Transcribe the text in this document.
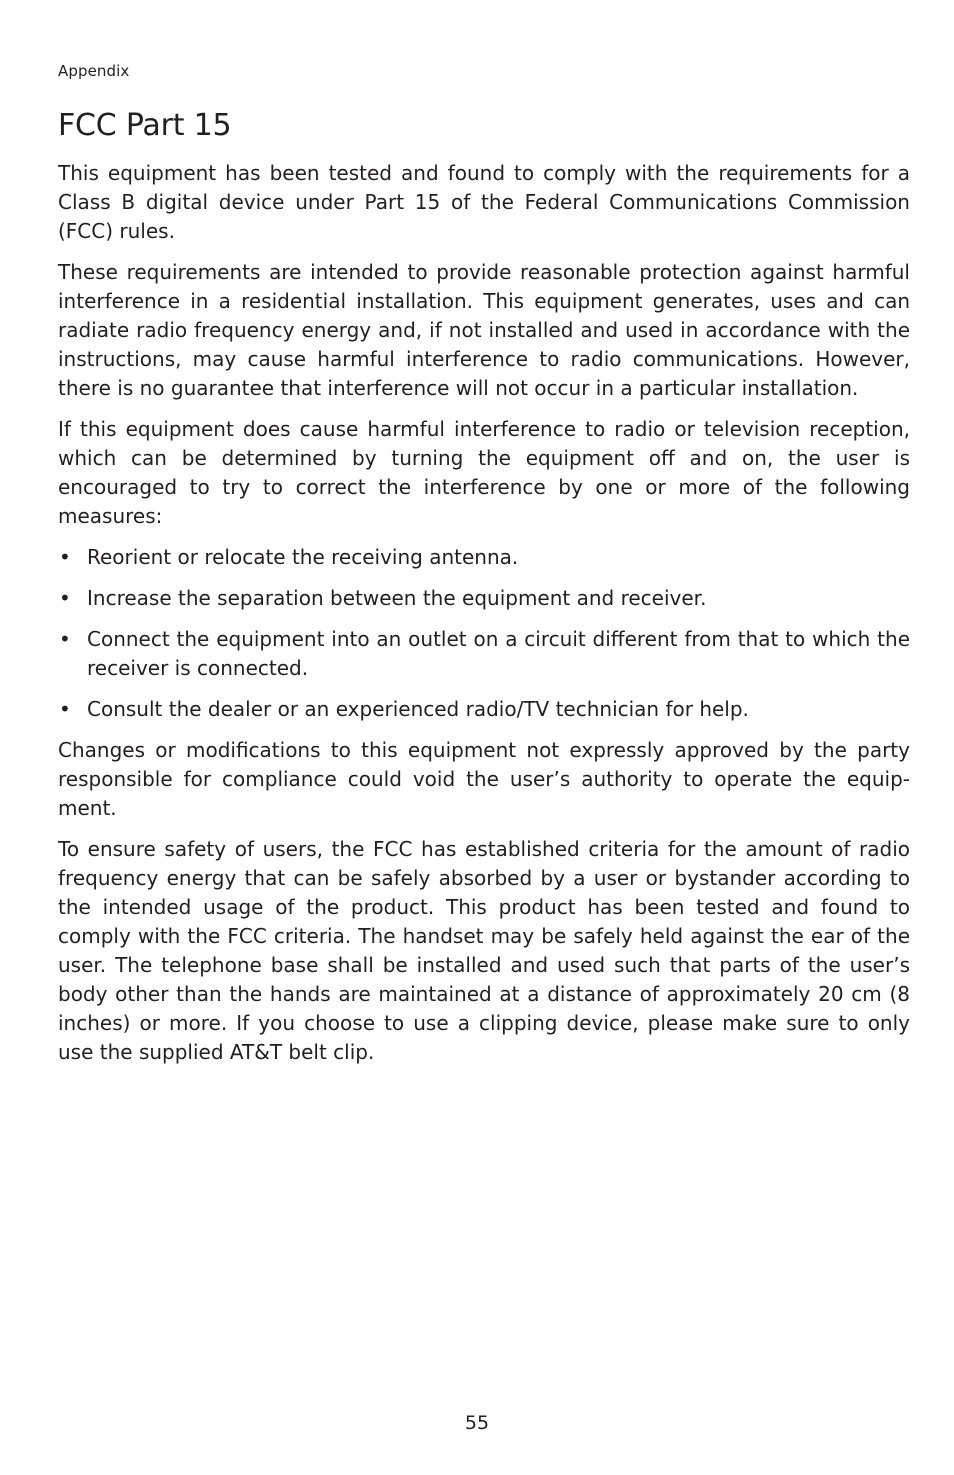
Appendix
FCC Part 15

This equipment has been tested and found to comply with the requirements for a Class B digital device under Part 15 of the Federal Communications Commission (FCC) rules.

These requirements are intended to provide reasonable protection against harmful interference in a residential installation. This equipment generates, uses and can radiate radio frequency energy and, if not installed and used in accordance with the instructions, may cause harmful interference to radio communications. However, there is no guarantee that interference will not occur in a particular installation.

If this equipment does cause harmful interference to radio or television reception, which can be determined by turning the equipment off and on, the user is encouraged to try to correct the interference by one or more of the following measures:

• Reorient or relocate the receiving antenna.
• Increase the separation between the equipment and receiver.
• Connect the equipment into an outlet on a circuit different from that to which the receiver is connected.
• Consult the dealer or an experienced radio/TV technician for help.

Changes or modifications to this equipment not expressly approved by the party responsible for compliance could void the user’s authority to operate the equipment.

To ensure safety of users, the FCC has established criteria for the amount of radio frequency energy that can be safely absorbed by a user or bystander according to the intended usage of the product. This product has been tested and found to comply with the FCC criteria. The handset may be safely held against the ear of the user. The telephone base shall be installed and used such that parts of the user’s body other than the hands are maintained at a distance of approximately 20 cm (8 inches) or more. If you choose to use a clipping device, please make sure to only use the supplied AT&T belt clip.

55
